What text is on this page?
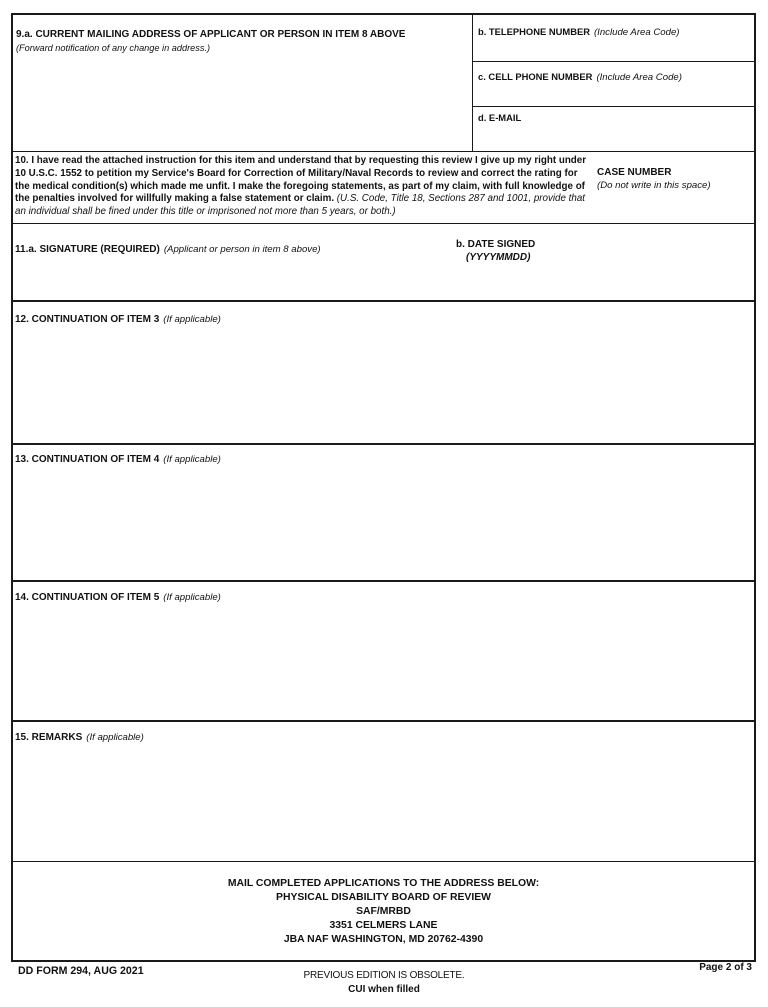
9.a. CURRENT MAILING ADDRESS OF APPLICANT OR PERSON IN ITEM 8 ABOVE
(Forward notification of any change in address.)
b. TELEPHONE NUMBER (Include Area Code)
c. CELL PHONE NUMBER (Include Area Code)
d. E-MAIL
10. I have read the attached instruction for this item and understand that by requesting this review I give up my right under 10 U.S.C. 1552 to petition my Service's Board for Correction of Military/Naval Records to review and correct the rating for the medical condition(s) which made me unfit. I make the foregoing statements, as part of my claim, with full knowledge of the penalties involved for willfully making a false statement or claim. (U.S. Code, Title 18, Sections 287 and 1001, provide that an individual shall be fined under this title or imprisoned not more than 5 years, or both.)
CASE NUMBER
(Do not write in this space)
11.a. SIGNATURE (REQUIRED) (Applicant or person in item 8 above)	b. DATE SIGNED
(YYYYMMDD)
12. CONTINUATION OF ITEM 3 (If applicable)
13. CONTINUATION OF ITEM 4 (If applicable)
14. CONTINUATION OF ITEM 5 (If applicable)
15. REMARKS (If applicable)
MAIL COMPLETED APPLICATIONS TO THE ADDRESS BELOW:
PHYSICAL DISABILITY BOARD OF REVIEW
SAF/MRBD
3351 CELMERS LANE
JBA NAF WASHINGTON, MD 20762-4390
DD FORM 294, AUG 2021	Page 2 of 3
PREVIOUS EDITION IS OBSOLETE.
CUI when filled
